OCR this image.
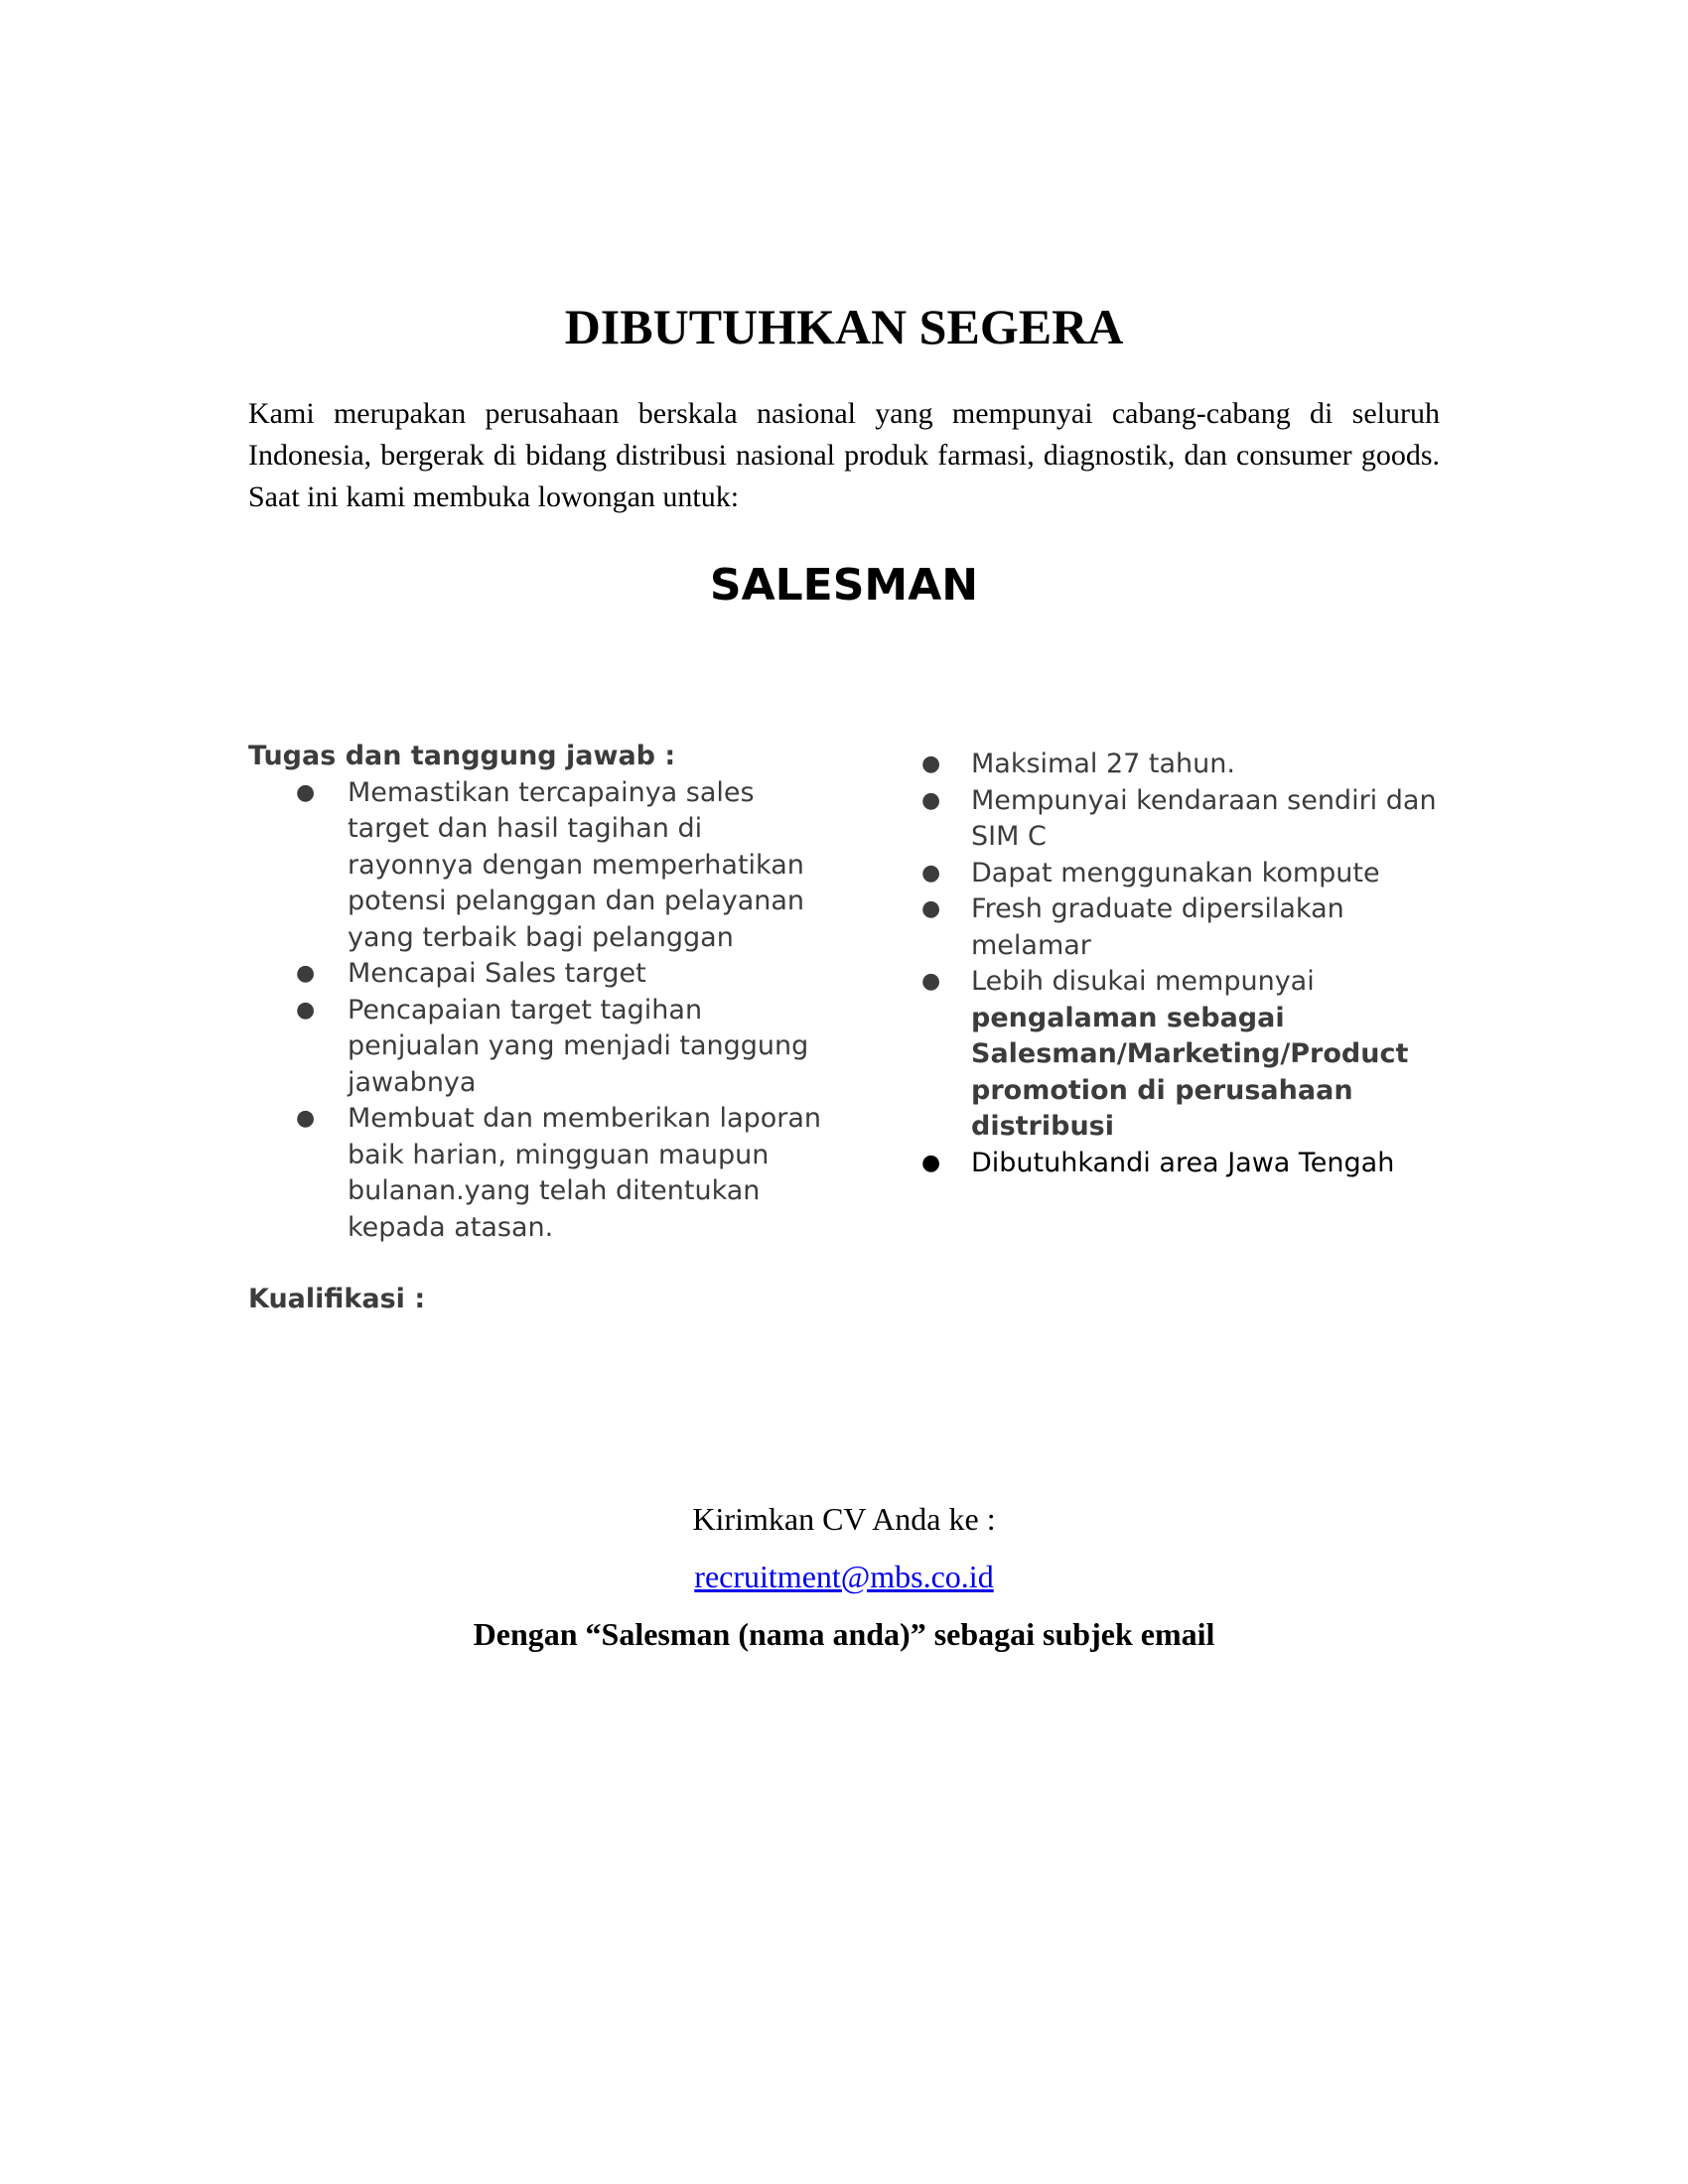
DIBUTUHKAN SEGERA

Kami merupakan perusahaan berskala nasional yang mempunyai cabang-cabang di seluruh Indonesia, bergerak di bidang distribusi nasional produk farmasi, diagnostik, dan consumer goods. Saat ini kami membuka lowongan untuk:

SALESMAN

Tugas dan tanggung jawab :

● Memastikan tercapainya sales target dan hasil tagihan di rayonnya dengan memperhatikan potensi pelanggan dan pelayanan yang terbaik bagi pelanggan
● Mencapai Sales target
● Pencapaian target tagihan penjualan yang menjadi tanggung jawabnya
● Membuat dan memberikan laporan baik harian, mingguan maupun bulanan.yang telah ditentukan kepada atasan.

Kualifikasi :

● Maksimal 27 tahun.
● Mempunyai kendaraan sendiri dan SIM C
● Dapat menggunakan kompute
● Fresh graduate dipersilakan melamar
● Lebih disukai mempunyai pengalaman sebagai Salesman/Marketing/Product promotion di perusahaan distribusi
● Dibutuhkandi area Jawa Tengah

Kirimkan CV Anda ke :

recruitment@mbs.co.id

Dengan “Salesman (nama anda)” sebagai subjek email
